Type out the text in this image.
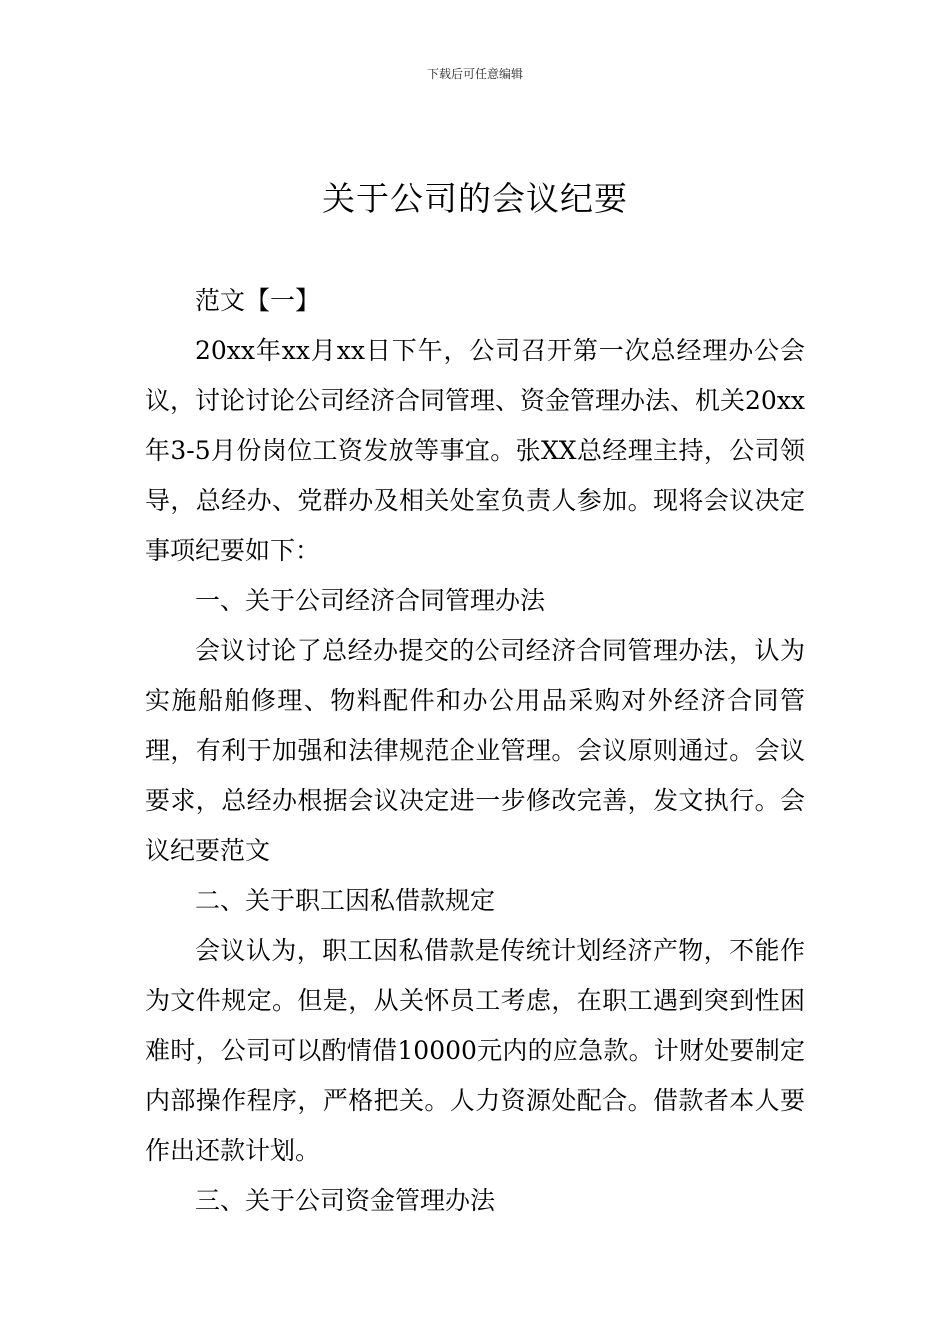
下载后可任意编辑
关于公司的会议纪要

范文【一】

20xx年xx月xx日下午，公司召开第一次总经理办公会议，讨论讨论公司经济合同管理、资金管理办法、机关20xx年3-5月份岗位工资发放等事宜。张XX总经理主持，公司领导，总经办、党群办及相关处室负责人参加。现将会议决定事项纪要如下：

一、关于公司经济合同管理办法

会议讨论了总经办提交的公司经济合同管理办法，认为实施船舶修理、物料配件和办公用品采购对外经济合同管理，有利于加强和法律规范企业管理。会议原则通过。会议要求，总经办根据会议决定进一步修改完善，发文执行。会议纪要范文

二、关于职工因私借款规定

会议认为，职工因私借款是传统计划经济产物，不能作为文件规定。但是，从关怀员工考虑，在职工遇到突到性困难时，公司可以酌情借10000元内的应急款。计财处要制定内部操作程序，严格把关。人力资源处配合。借款者本人要作出还款计划。

三、关于公司资金管理办法
